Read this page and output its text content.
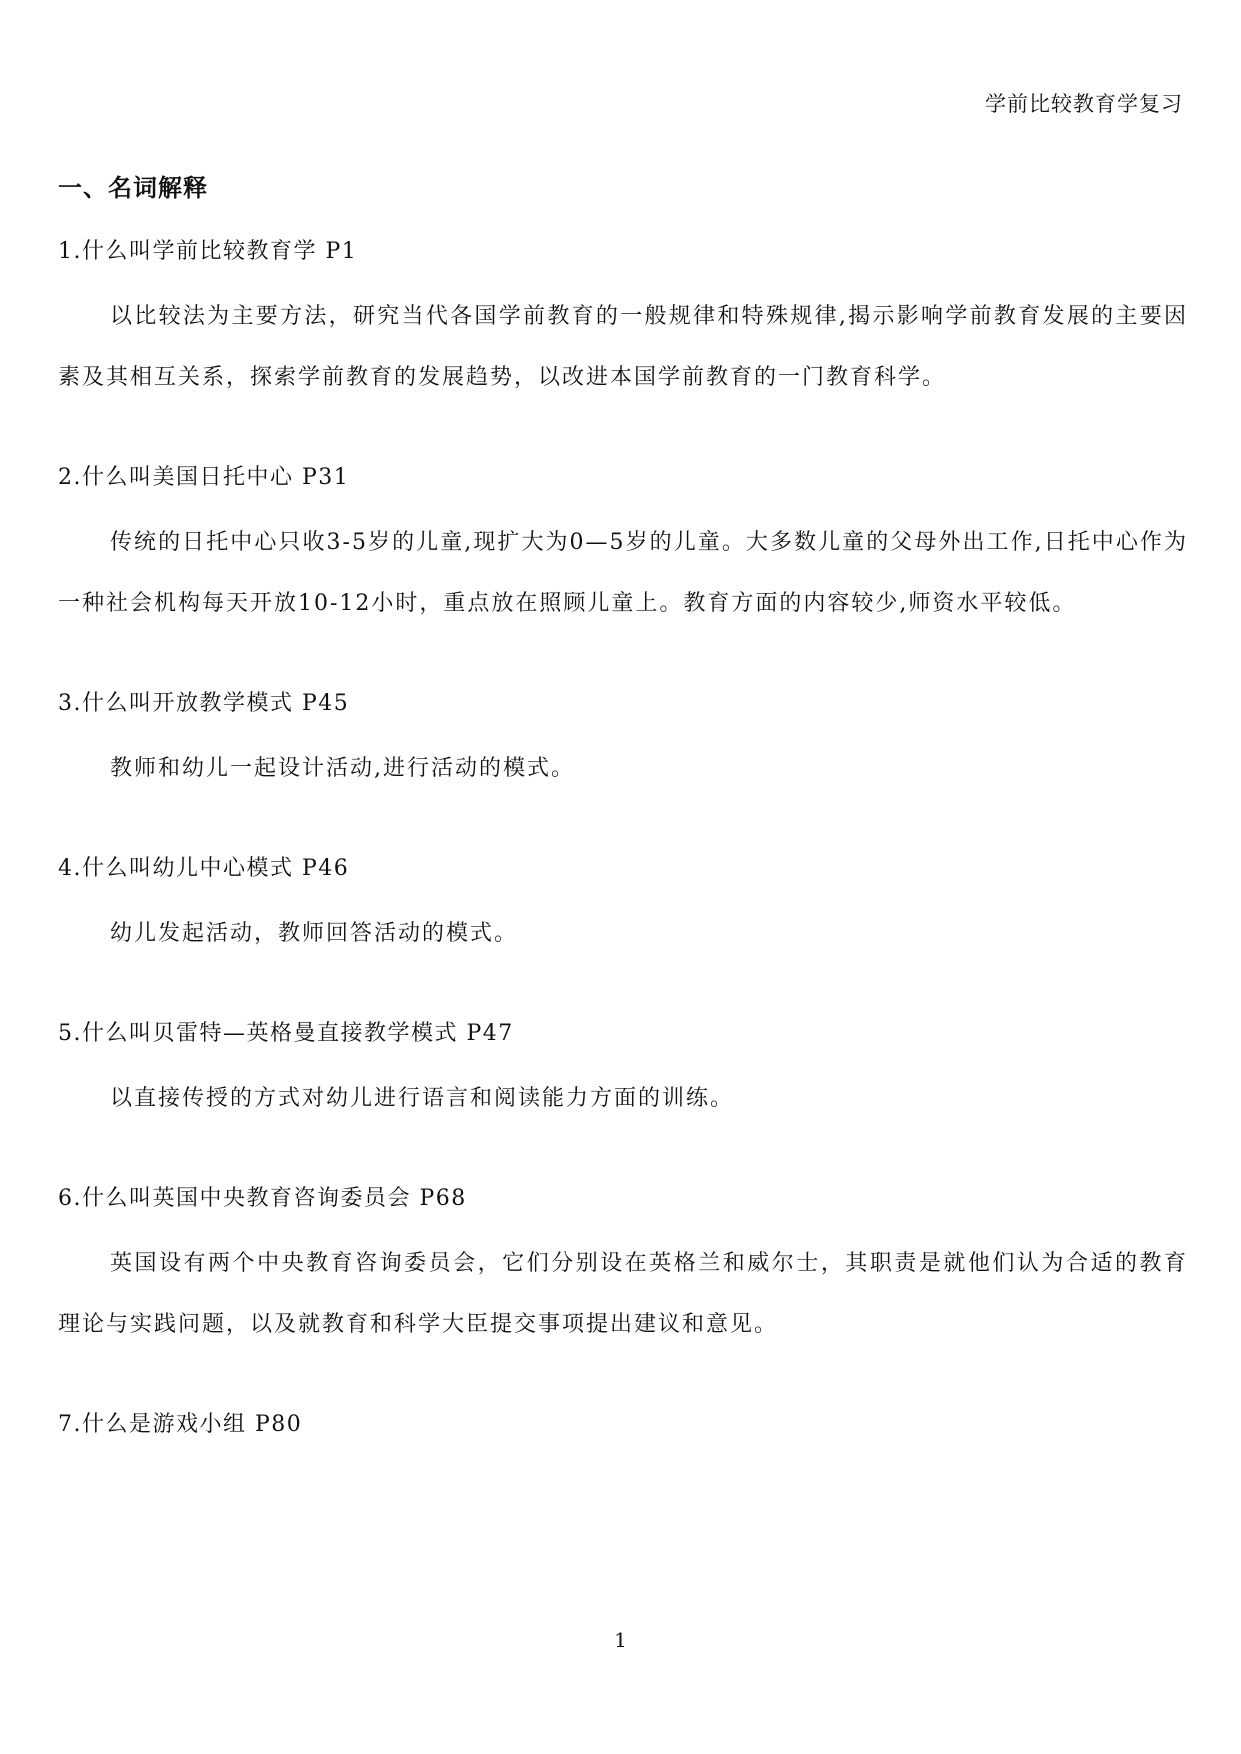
学前比较教育学复习
一、名词解释

1.什么叫学前比较教育学 P1

以比较法为主要方法，研究当代各国学前教育的一般规律和特殊规律,揭示影响学前教育发展的主要因素及其相互关系，探索学前教育的发展趋势，以改进本国学前教育的一门教育科学。

2.什么叫美国日托中心 P31

传统的日托中心只收3-5岁的儿童,现扩大为0—5岁的儿童。大多数儿童的父母外出工作,日托中心作为一种社会机构每天开放10-12小时，重点放在照顾儿童上。教育方面的内容较少,师资水平较低。

3.什么叫开放教学模式 P45

教师和幼儿一起设计活动,进行活动的模式。

4.什么叫幼儿中心模式 P46

幼儿发起活动，教师回答活动的模式。

5.什么叫贝雷特—英格曼直接教学模式 P47

以直接传授的方式对幼儿进行语言和阅读能力方面的训练。

6.什么叫英国中央教育咨询委员会 P68

英国设有两个中央教育咨询委员会，它们分别设在英格兰和威尔士，其职责是就他们认为合适的教育理论与实践问题，以及就教育和科学大臣提交事项提出建议和意见。

7.什么是游戏小组 P80

1
